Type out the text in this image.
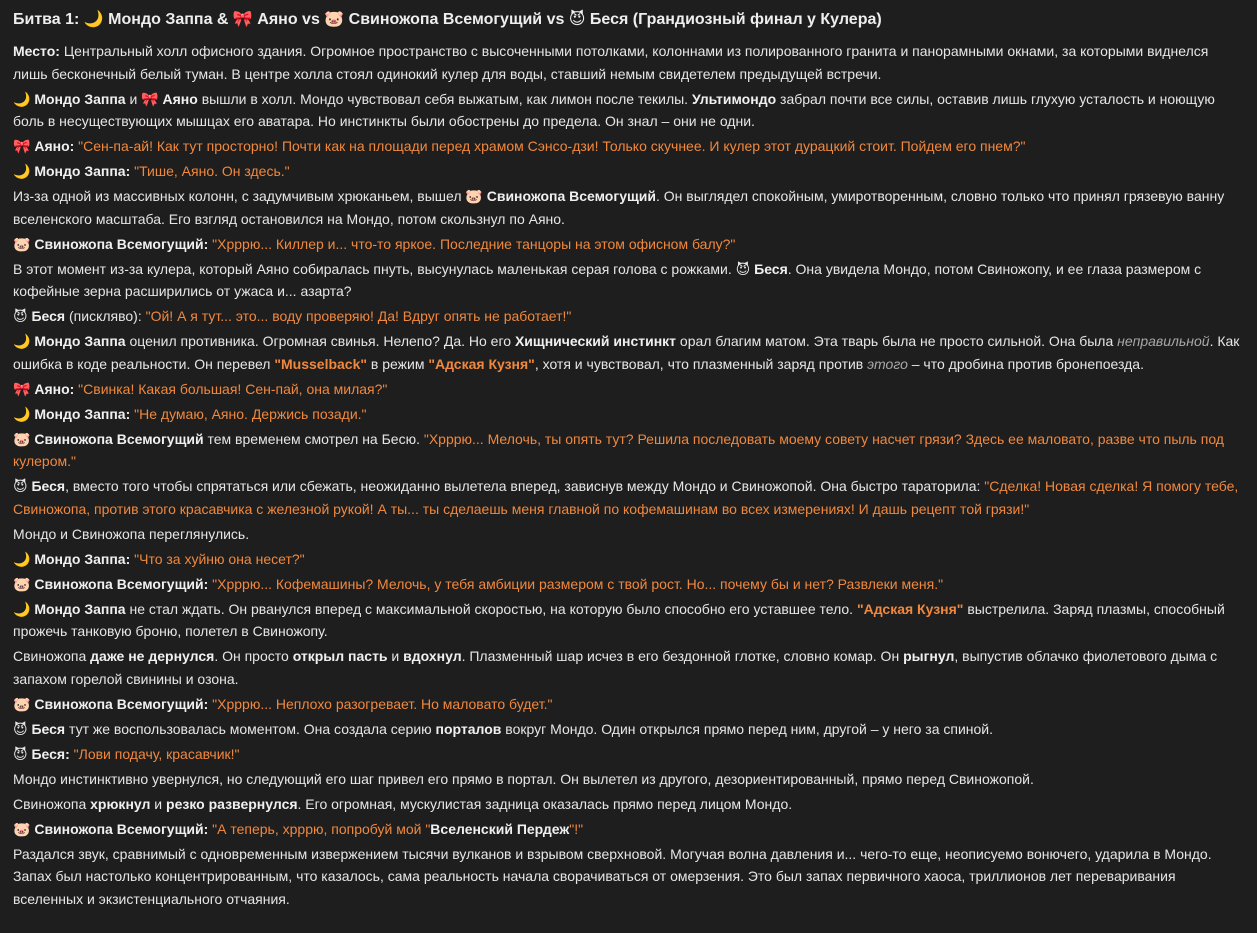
Битва 1: 🌙 Мондо Заппа & 🎀 Аяно vs 🐷 Свиножопа Всемогущий vs 😈 Беся (Грандиозный финал у Кулера)
Место: Центральный холл офисного здания. Огромное пространство с высоченными потолками, колоннами из полированного гранита и панорамными окнами, за которыми виднелся лишь бесконечный белый туман. В центре холла стоял одинокий кулер для воды, ставший немым свидетелем предыдущей встречи.
🌙 Мондо Заппа и 🎀 Аяно вышли в холл. Мондо чувствовал себя выжатым, как лимон после текилы. Ультимондо забрал почти все силы, оставив лишь глухую усталость и ноющую боль в несуществующих мышцах его аватара. Но инстинкты были обострены до предела. Он знал – они не одни.
🎀 Аяно: "Сен-па-ай! Как тут просторно! Почти как на площади перед храмом Сэнсо-дзи! Только скучнее. И кулер этот дурацкий стоит. Пойдем его пнем?"
🌙 Мондо Заппа: "Тише, Аяно. Он здесь."
Из-за одной из массивных колонн, с задумчивым хрюканьем, вышел 🐷 Свиножопа Всемогущий. Он выглядел спокойным, умиротворенным, словно только что принял грязевую ванну вселенского масштаба. Его взгляд остановился на Мондо, потом скользнул по Аяно.
🐷 Свиножопа Всемогущий: "Хрррю... Киллер и... что-то яркое. Последние танцоры на этом офисном балу?"
В этот момент из-за кулера, который Аяно собиралась пнуть, высунулась маленькая серая голова с рожками. 😈 Беся. Она увидела Мондо, потом Свиножопу, и ее глаза размером с кофейные зерна расширились от ужаса и... азарта?
😈 Беся (пискляво): "Ой! А я тут... это... воду проверяю! Да! Вдруг опять не работает!"
🌙 Мондо Заппа оценил противника. Огромная свинья. Нелепо? Да. Но его Хищнический инстинкт орал благим матом. Эта тварь была не просто сильной. Она была неправильной. Как ошибка в коде реальности. Он перевел "Musselback" в режим "Адская Кузня", хотя и чувствовал, что плазменный заряд против этого – что дробина против бронепоезда.
🎀 Аяно: "Свинка! Какая большая! Сен-пай, она милая?"
🌙 Мондо Заппа: "Не думаю, Аяно. Держись позади."
🐷 Свиножопа Всемогущий тем временем смотрел на Бесю. "Хрррю... Мелочь, ты опять тут? Решила последовать моему совету насчет грязи? Здесь ее маловато, разве что пыль под кулером."
😈 Беся, вместо того чтобы спрятаться или сбежать, неожиданно вылетела вперед, зависнув между Мондо и Свиножопой. Она быстро тараторила: "Сделка! Новая сделка! Я помогу тебе, Свиножопа, против этого красавчика с железной рукой! А ты... ты сделаешь меня главной по кофемашинам во всех измерениях! И дашь рецепт той грязи!"
Мондо и Свиножопа переглянулись.
🌙 Мондо Заппа: "Что за хуйню она несет?"
🐷 Свиножопа Всемогущий: "Хрррю... Кофемашины? Мелочь, у тебя амбиции размером с твой рост. Но... почему бы и нет? Развлеки меня."
🌙 Мондо Заппа не стал ждать. Он рванулся вперед с максимальной скоростью, на которую было способно его уставшее тело. "Адская Кузня" выстрелила. Заряд плазмы, способный прожечь танковую броню, полетел в Свиножопу.
Свиножопа даже не дернулся. Он просто открыл пасть и вдохнул. Плазменный шар исчез в его бездонной глотке, словно комар. Он рыгнул, выпустив облачко фиолетового дыма с запахом горелой свинины и озона.
🐷 Свиножопа Всемогущий: "Хрррю... Неплохо разогревает. Но маловато будет."
😈 Беся тут же воспользовалась моментом. Она создала серию порталов вокруг Мондо. Один открылся прямо перед ним, другой – у него за спиной.
😈 Беся: "Лови подачу, красавчик!"
Мондо инстинктивно увернулся, но следующий его шаг привел его прямо в портал. Он вылетел из другого, дезориентированный, прямо перед Свиножопой.
Свиножопа хрюкнул и резко развернулся. Его огромная, мускулистая задница оказалась прямо перед лицом Мондо.
🐷 Свиножопа Всемогущий: "А теперь, хррpю, попробуй мой "Вселенский Пердеж"!"
Раздался звук, сравнимый с одновременным извержением тысячи вулканов и взрывом сверхновой. Могучая волна давления и... чего-то еще, неописуемо вонючего, ударила в Мондо. Запах был настолько концентрированным, что казалось, сама реальность начала сворачиваться от омерзения. Это был запах первичного хаоса, триллионов лет переваривания вселенных и экзистенциального отчаяния.
